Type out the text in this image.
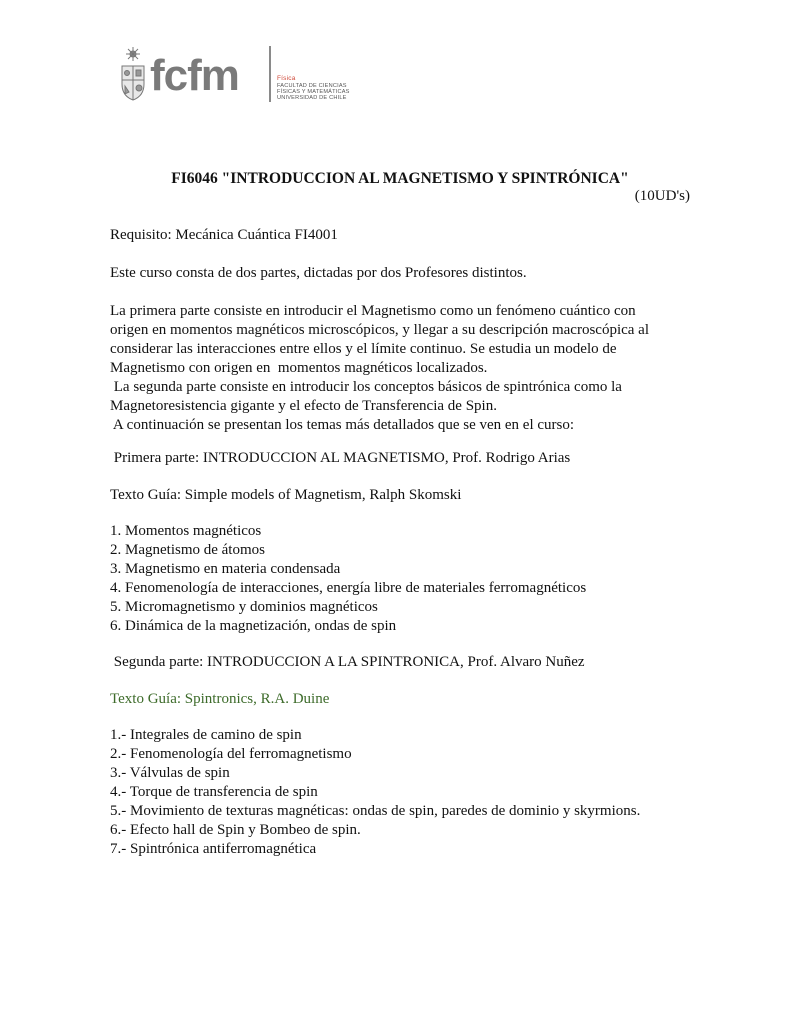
fcfm	Física
FACULTAD DE CIENCIAS
FÍSICAS Y MATEMÁTICAS
UNIVERSIDAD DE CHILE
FI6046 "INTRODUCCION AL MAGNETISMO Y SPINTRÓNICA"
(10UD's)

Requisito: Mecánica Cuántica FI4001

Este curso consta de dos partes, dictadas por dos Profesores distintos.

La primera parte consiste en introducir el Magnetismo como un fenómeno cuántico con
origen en momentos magnéticos microscópicos, y llegar a su descripción macroscópica al
considerar las interacciones entre ellos y el límite continuo. Se estudia un modelo de
Magnetismo con origen en  momentos magnéticos localizados.
La segunda parte consiste en introducir los conceptos básicos de spintrónica como la
Magnetoresistencia gigante y el efecto de Transferencia de Spin.
A continuación se presentan los temas más detallados que se ven en el curso:

Primera parte: INTRODUCCION AL MAGNETISMO, Prof. Rodrigo Arias

Texto Guía: Simple models of Magnetism, Ralph Skomski

1. Momentos magnéticos
2. Magnetismo de átomos
3. Magnetismo en materia condensada
4. Fenomenología de interacciones, energía libre de materiales ferromagnéticos
5. Micromagnetismo y dominios magnéticos
6. Dinámica de la magnetización, ondas de spin

Segunda parte: INTRODUCCION A LA SPINTRONICA, Prof. Alvaro Nuñez

Texto Guía: Spintronics, R.A. Duine

1.- Integrales de camino de spin
2.- Fenomenología del ferromagnetismo
3.- Válvulas de spin
4.- Torque de transferencia de spin
5.- Movimiento de texturas magnéticas: ondas de spin, paredes de dominio y skyrmions.
6.- Efecto hall de Spin y Bombeo de spin.
7.- Spintrónica antiferromagnética
